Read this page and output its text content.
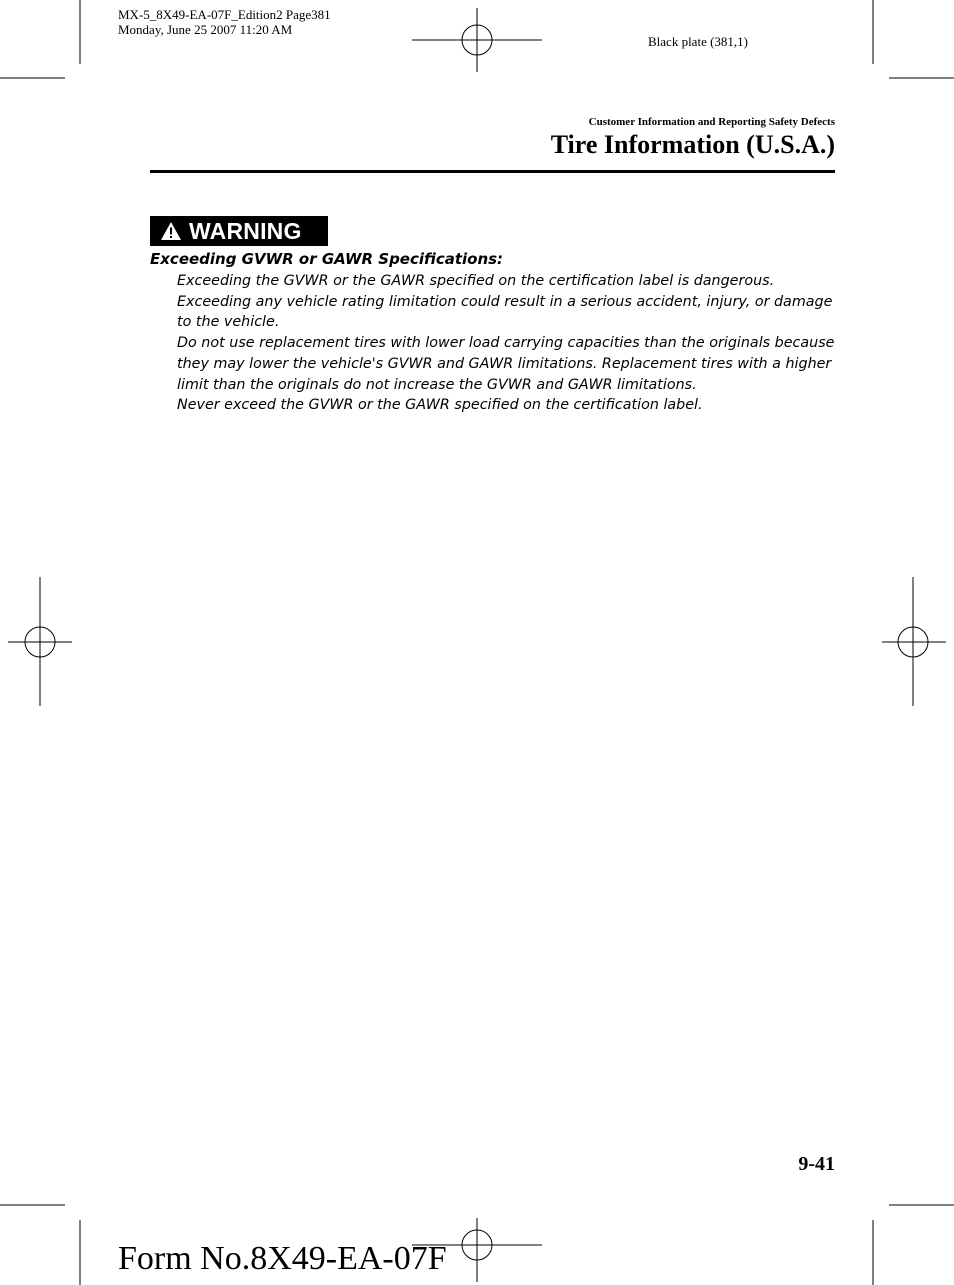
MX-5_8X49-EA-07F_Edition2 Page381
Monday, June 25 2007 11:20 AM
Black plate (381,1)
Customer Information and Reporting Safety Defects
Tire Information (U.S.A.)
WARNING
Exceeding GVWR or GAWR Specifications:

Exceeding the GVWR or the GAWR specified on the certification label is dangerous. Exceeding any vehicle rating limitation could result in a serious accident, injury, or damage to the vehicle.

Do not use replacement tires with lower load carrying capacities than the originals because they may lower the vehicle's GVWR and GAWR limitations. Replacement tires with a higher limit than the originals do not increase the GVWR and GAWR limitations.

Never exceed the GVWR or the GAWR specified on the certification label.

9-41
Form No.8X49-EA-07F
